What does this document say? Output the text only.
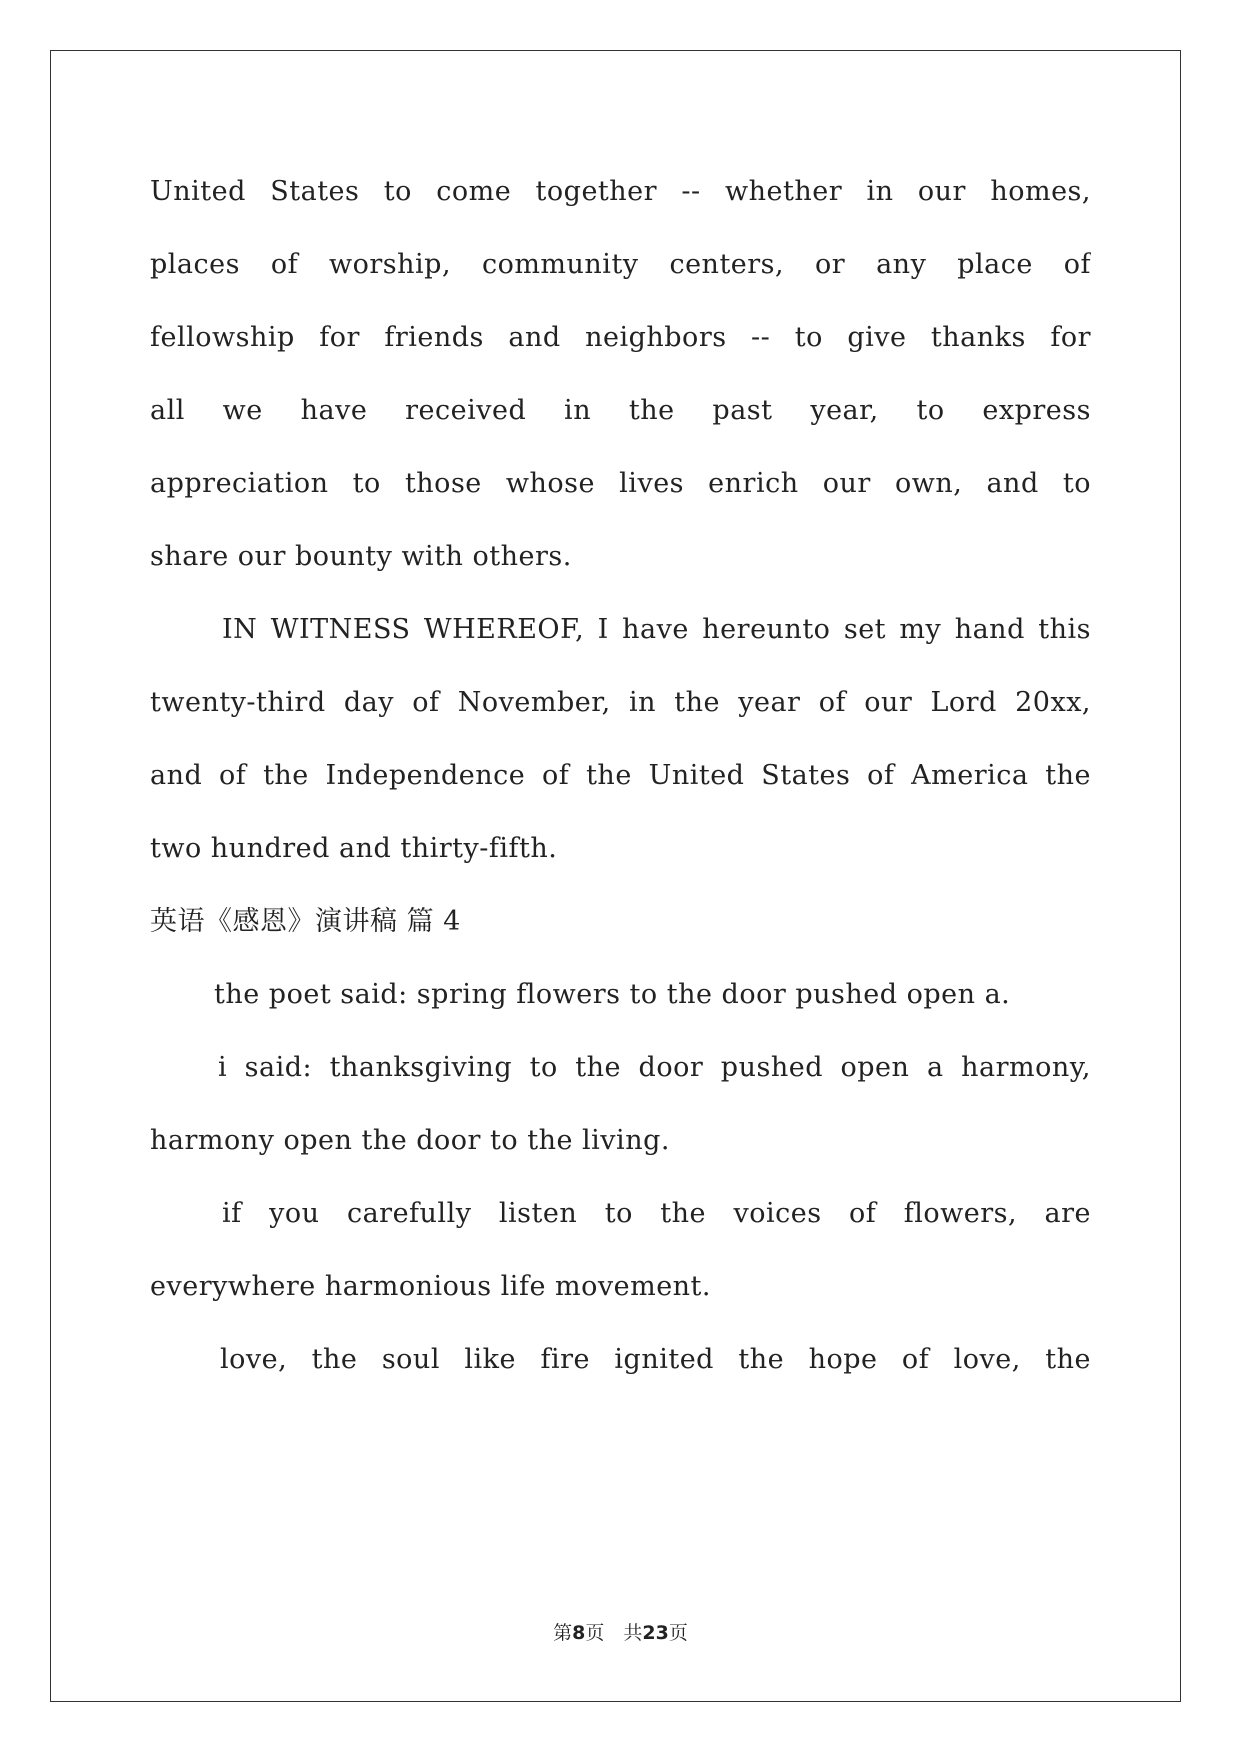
United States to come together -- whether in our homes,
places of worship, community centers, or any place of
fellowship for friends and neighbors -- to give thanks for
all we have received in the past year, to express
appreciation to those whose lives enrich our own, and to
share our bounty with others.
IN WITNESS WHEREOF, I have hereunto set my hand this
twenty-third day of November, in the year of our Lord 20xx,
and of the Independence of the United States of America the
two hundred and thirty-fifth.
英语《感恩》演讲稿 篇 4
the poet said: spring flowers to the door pushed open a.
i said: thanksgiving to the door pushed open a harmony,
harmony open the door to the living.
if you carefully listen to the voices of flowers, are
everywhere harmonious life movement.
love, the soul like fire ignited the hope of love, the
第8页　共23页
